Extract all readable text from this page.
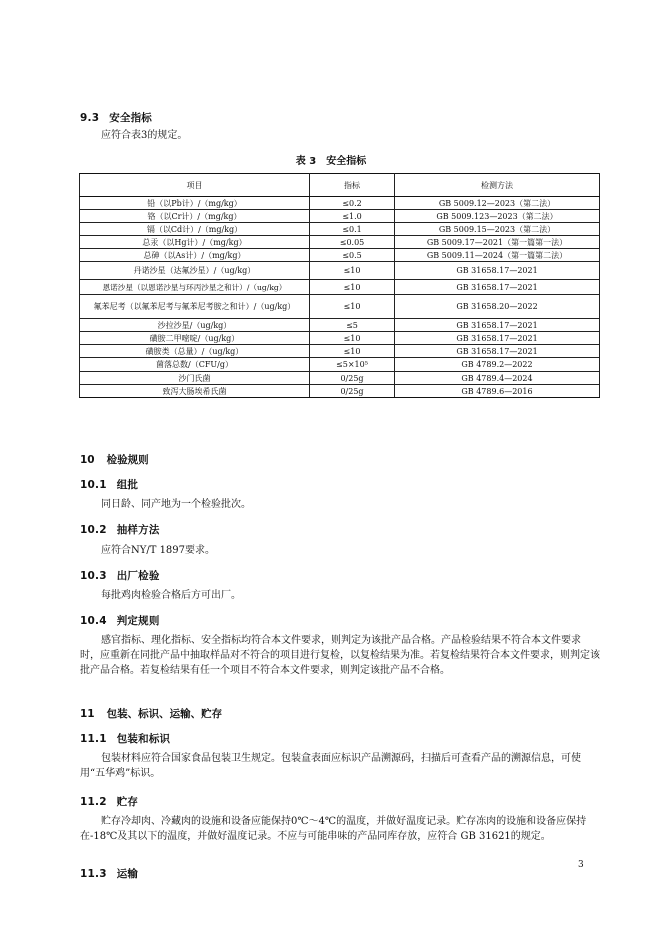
9.3 安全指标
应符合表3的规定。
表 3　安全指标
项目	指标	检测方法
铅（以Pb计）/（mg/kg）	≤0.2	GB 5009.12—2023（第二法）
铬（以Cr计）/（mg/kg）	≤1.0	GB 5009.123—2023（第二法）
镉（以Cd计）/（mg/kg）	≤0.1	GB 5009.15—2023（第二法）
总汞（以Hg计）/（mg/kg）	≤0.05	GB 5009.17—2021（第一篇第一法）
总砷（以As计）/（mg/kg）	≤0.5	GB 5009.11—2024（第一篇第二法）
丹诺沙星（达氟沙星）/（ug/kg）	≤10	GB 31658.17—2021
恩诺沙星（以恩诺沙星与环丙沙星之和计）/（ug/kg）	≤10	GB 31658.17—2021
氟苯尼考（以氟苯尼考与氟苯尼考胺之和计）/（ug/kg）	≤10	GB 31658.20—2022
沙拉沙星/（ug/kg）	≤5	GB 31658.17—2021
磺胺二甲嘧啶/（ug/kg）	≤10	GB 31658.17—2021
磺胺类（总量）/（ug/kg）	≤10	GB 31658.17—2021
菌落总数/（CFU/g）	≤5×10⁵	GB 4789.2—2022
沙门氏菌	0/25g	GB 4789.4—2024
致泻大肠埃希氏菌	0/25g	GB 4789.6—2016
10 检验规则
10.1 组批
同日龄、同产地为一个检验批次。
10.2 抽样方法
应符合NY/T 1897要求。
10.3 出厂检验
每批鸡肉检验合格后方可出厂。
10.4 判定规则
感官指标、理化指标、安全指标均符合本文件要求，则判定为该批产品合格。产品检验结果不符合本文件要求时，应重新在同批产品中抽取样品对不符合的项目进行复检，以复检结果为准。若复检结果符合本文件要求，则判定该批产品合格。若复检结果有任一个项目不符合本文件要求，则判定该批产品不合格。
11 包装、标识、运输、贮存
11.1 包装和标识
包装材料应符合国家食品包装卫生规定。包装盒表面应标识产品溯源码，扫描后可查看产品的溯源信息，可使用“五华鸡”标识。
11.2 贮存
贮存冷却肉、冷藏肉的设施和设备应能保持0℃～4℃的温度，并做好温度记录。贮存冻肉的设施和设备应保持在-18℃及其以下的温度，并做好温度记录。不应与可能串味的产品同库存放，应符合 GB 31621的规定。
11.3 运输
3
